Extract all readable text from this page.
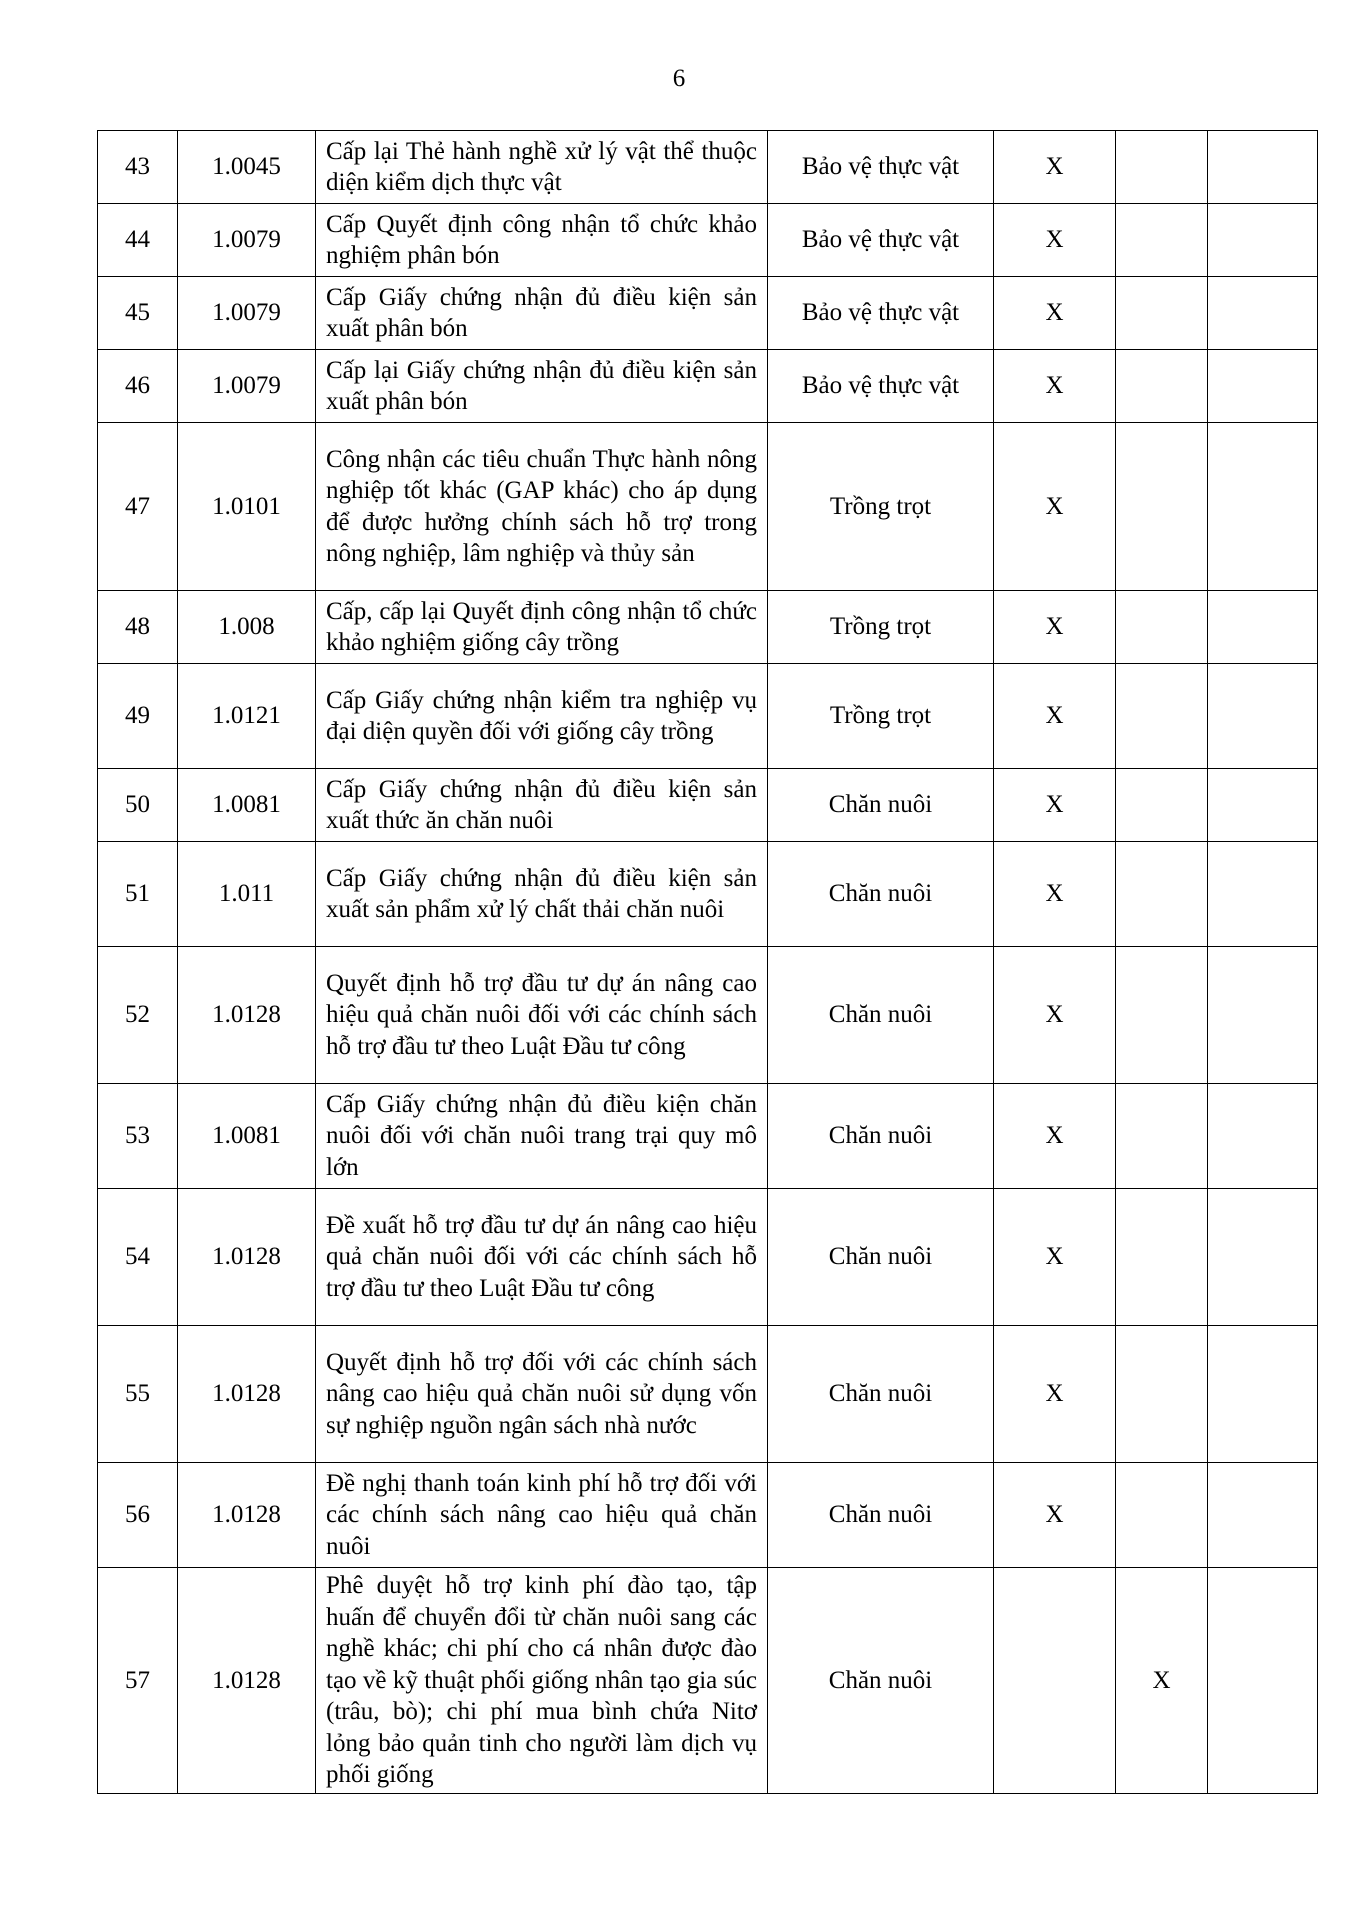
6
43	1.0045	Cấp lại Thẻ hành nghề xử lý vật thể thuộc diện kiểm dịch thực vật	Bảo vệ thực vật	X		
44	1.0079	Cấp Quyết định công nhận tổ chức khảo nghiệm phân bón	Bảo vệ thực vật	X		
45	1.0079	Cấp Giấy chứng nhận đủ điều kiện sản xuất phân bón	Bảo vệ thực vật	X		
46	1.0079	Cấp lại Giấy chứng nhận đủ điều kiện sản xuất phân bón	Bảo vệ thực vật	X		
47	1.0101	Công nhận các tiêu chuẩn Thực hành nông nghiệp tốt khác (GAP khác) cho áp dụng để được hưởng chính sách hỗ trợ trong nông nghiệp, lâm nghiệp và thủy sản	Trồng trọt	X		
48	1.008	Cấp, cấp lại Quyết định công nhận tổ chức khảo nghiệm giống cây trồng	Trồng trọt	X		
49	1.0121	Cấp Giấy chứng nhận kiểm tra nghiệp vụ đại diện quyền đối với giống cây trồng	Trồng trọt	X		
50	1.0081	Cấp Giấy chứng nhận đủ điều kiện sản xuất thức ăn chăn nuôi	Chăn nuôi	X		
51	1.011	Cấp Giấy chứng nhận đủ điều kiện sản xuất sản phẩm xử lý chất thải chăn nuôi	Chăn nuôi	X		
52	1.0128	Quyết định hỗ trợ đầu tư dự án nâng cao hiệu quả chăn nuôi đối với các chính sách hỗ trợ đầu tư theo Luật Đầu tư công	Chăn nuôi	X		
53	1.0081	Cấp Giấy chứng nhận đủ điều kiện chăn nuôi đối với chăn nuôi trang trại quy mô lớn	Chăn nuôi	X		
54	1.0128	Đề xuất hỗ trợ đầu tư dự án nâng cao hiệu quả chăn nuôi đối với các chính sách hỗ trợ đầu tư theo Luật Đầu tư công	Chăn nuôi	X		
55	1.0128	Quyết định hỗ trợ đối với các chính sách nâng cao hiệu quả chăn nuôi sử dụng vốn sự nghiệp nguồn ngân sách nhà nước	Chăn nuôi	X		
56	1.0128	Đề nghị thanh toán kinh phí hỗ trợ đối với các chính sách nâng cao hiệu quả chăn nuôi	Chăn nuôi	X		
57	1.0128	Phê duyệt hỗ trợ kinh phí đào tạo, tập huấn để chuyển đổi từ chăn nuôi sang các nghề khác; chi phí cho cá nhân được đào tạo về kỹ thuật phối giống nhân tạo gia súc (trâu, bò); chi phí mua bình chứa Nitơ lỏng bảo quản tinh cho người làm dịch vụ phối giống	Chăn nuôi		X	
